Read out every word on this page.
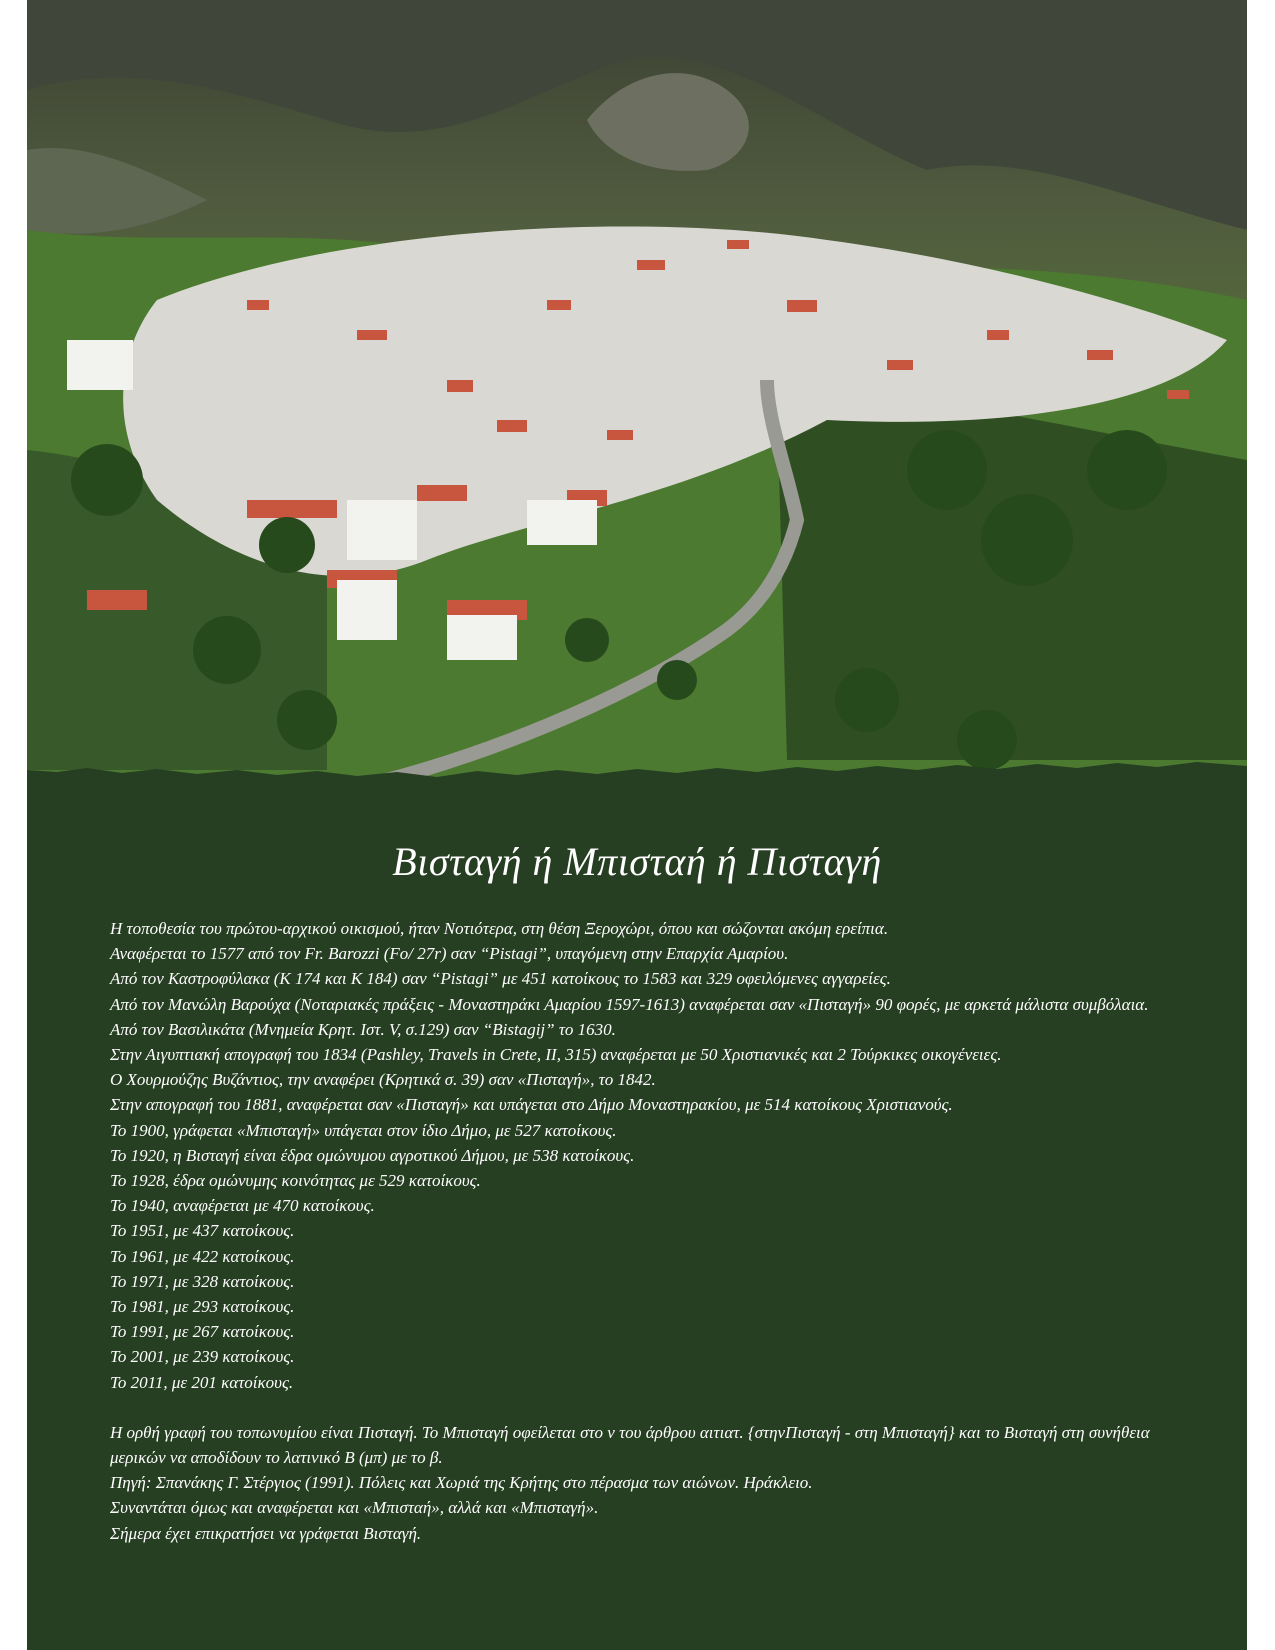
Βισταγή ή Μπισταή ή Πισταγή

Η τοποθεσία του πρώτου-αρχικού οικισμού, ήταν Νοτιότερα, στη θέση Ξεροχώρι, όπου και σώζονται ακόμη ερείπια.

Αναφέρεται το 1577 από τον Fr. Barozzi (Fo/ 27r) σαν “Pistagi”, υπαγόμενη στην Επαρχία Αμαρίου.

Από τον Καστροφύλακα (K 174 και K 184) σαν “Pistagi” με 451 κατοίκους το 1583 και 329 οφειλόμενες αγγαρείες.

Από τον Μανώλη Βαρούχα (Νοταριακές πράξεις - Μοναστηράκι Αμαρίου 1597-1613) αναφέρεται σαν «Πισταγή» 90 φορές, με αρκετά μάλιστα συμβόλαια.

Από τον Βασιλικάτα (Μνημεία Κρητ. Ιστ. V, σ.129) σαν “Bistagij” το 1630.

Στην Αιγυπτιακή απογραφή του 1834 (Pashley, Travels in Crete, II, 315) αναφέρεται με 50 Χριστιανικές και 2 Τούρκικες οικογένειες.

Ο Χουρμούζης Βυζάντιος, την αναφέρει (Κρητικά σ. 39) σαν «Πισταγή», το 1842.

Στην απογραφή του 1881, αναφέρεται σαν «Πισταγή» και υπάγεται στο Δήμο Μοναστηρακίου, με 514 κατοίκους Χριστιανούς.

Το 1900, γράφεται «Μπισταγή» υπάγεται στον ίδιο Δήμο, με 527 κατοίκους.

Το 1920, η Βισταγή είναι έδρα ομώνυμου αγροτικού Δήμου, με 538 κατοίκους.

Το 1928, έδρα ομώνυμης κοινότητας με 529 κατοίκους.

Το 1940, αναφέρεται με 470 κατοίκους.

Το 1951, με 437 κατοίκους.

Το 1961, με 422 κατοίκους.

Το 1971, με 328 κατοίκους.

Το 1981, με 293 κατοίκους.

Το 1991, με 267 κατοίκους.

Το 2001, με 239 κατοίκους.

Το 2011, με 201 κατοίκους.

Η ορθή γραφή του τοπωνυμίου είναι Πισταγή. Το Μπισταγή οφείλεται στο ν του άρθρου αιτιατ. {στηνΠισταγή - στη Μπισταγή} και το Βισταγή στη συνήθεια μερικών να αποδίδουν το λατινικό Β (μπ) με το β.

Πηγή: Σπανάκης Γ. Στέργιος (1991). Πόλεις και Χωριά της Κρήτης στο πέρασμα των αιώνων. Ηράκλειο.

Συναντάται όμως και αναφέρεται και «Μπισταή», αλλά και «Μπισταγή».

Σήμερα έχει επικρατήσει να γράφεται Βισταγή.
